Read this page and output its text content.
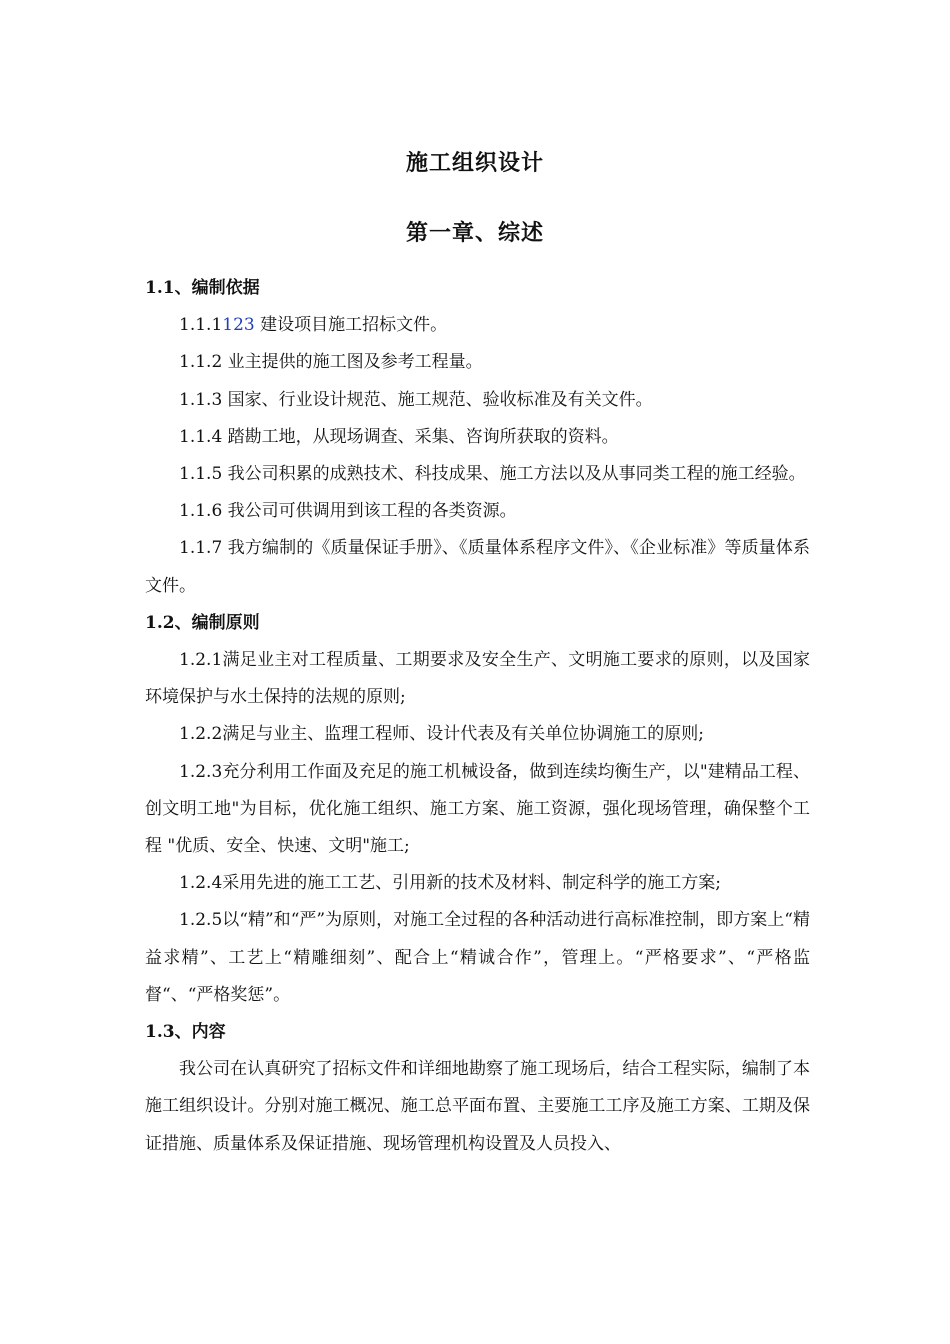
施工组织设计
第一章、综述

1.1、编制依据

1.1.1123 建设项目施工招标文件。

1.1.2 业主提供的施工图及参考工程量。

1.1.3 国家、行业设计规范、施工规范、验收标准及有关文件。

1.1.4 踏勘工地，从现场调查、采集、咨询所获取的资料。

1.1.5 我公司积累的成熟技术、科技成果、施工方法以及从事同类工程的施工经验。

1.1.6 我公司可供调用到该工程的各类资源。

1.1.7 我方编制的《质量保证手册》、《质量体系程序文件》、《企业标准》等质量体系文件。

1.2、编制原则

1.2.1满足业主对工程质量、工期要求及安全生产、文明施工要求的原则，以及国家环境保护与水土保持的法规的原则;

1.2.2满足与业主、监理工程师、设计代表及有关单位协调施工的原则;

1.2.3充分利用工作面及充足的施工机械设备，做到连续均衡生产，以"建精品工程、创文明工地"为目标，优化施工组织、施工方案、施工资源，强化现场管理，确保整个工程 "优质、安全、快速、文明"施工;

1.2.4采用先进的施工工艺、引用新的技术及材料、制定科学的施工方案;

1.2.5以“精”和“严”为原则，对施工全过程的各种活动进行高标准控制，即方案上“精益求精”、工艺上“精雕细刻”、配合上“精诚合作”，管理上。“严格要求”、“严格监督“、“严格奖惩”。

1.3、内容

我公司在认真研究了招标文件和详细地勘察了施工现场后，结合工程实际，编制了本施工组织设计。分别对施工概况、施工总平面布置、主要施工工序及施工方案、工期及保证措施、质量体系及保证措施、现场管理机构设置及人员投入、
